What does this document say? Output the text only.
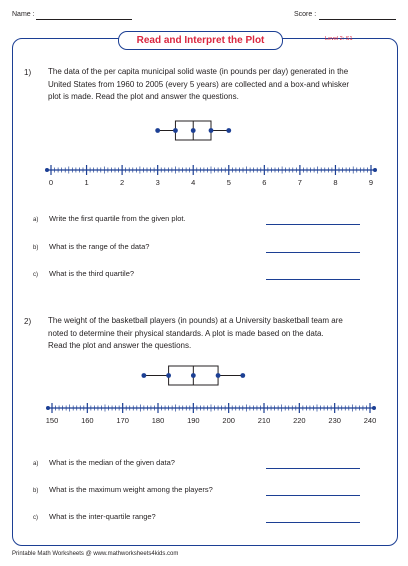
Name :	Score :
Read and Interpret the Plot	Level 2: S1
1) The data of the per capita municipal solid waste (in pounds per day) generated in the
United States from 1960 to 2005 (every 5 years) are collected and a box-and whisker
plot is made. Read the plot and answer the questions.
0	1	2	3	4	5	6	7	8	9
a) Write the first quartile from the given plot.
b) What is the range of the data?
c) What is the third quartile?
2) The weight of the basketball players (in pounds) at a University basketball team are
noted to determine their physical standards. A plot is made based on the data.
Read the plot and answer the questions.
150	160	170	180	190	200	210	220	230	240
a) What is the median of the given data?
b) What is the maximum weight among the players?
c) What is the inter-quartile range?
Printable Math Worksheets @ www.mathworksheets4kids.com
